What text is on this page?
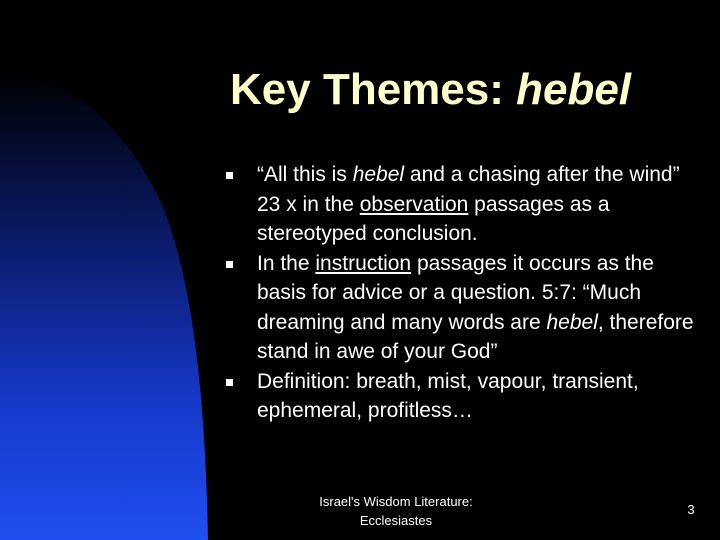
Key Themes: hebel
“All this is hebel and a chasing after the wind” 23 x in the observation passages as a stereotyped conclusion.
In the instruction passages it occurs as the basis for advice or a question. 5:7: “Much dreaming and many words are hebel, therefore stand in awe of your God”
Definition: breath, mist, vapour, transient, ephemeral, profitless…
Israel's Wisdom Literature:
Ecclesiastes
3
